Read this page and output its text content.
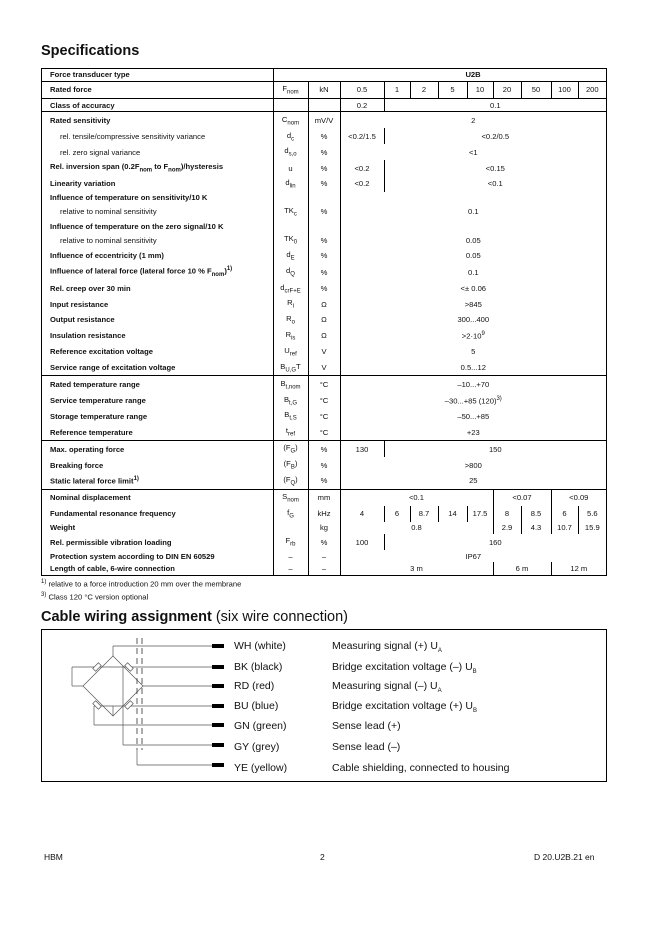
Specifications
Force transducer type			U2B								
Rated force	$F_{nom}$	kN	0.5	1	2	5	10	20	50	100	200
Class of accuracy			0.2	0.1							
Rated sensitivity	$C_{nom}$	mV/V	2								
rel. tensile/compressive sensitivity variance	$d_c$	%	<0.2/1.5	<0.2/0.5							
rel. zero signal variance	$d_{s,o}$	%	<1								
Rel. inversion span ($0.2F_{nom}$ to $F_{nom}$)/hysteresis	u	%	<0.2	<0.15							
Linearity variation	$d_{lin}$	%	<0.2	<0.1							
Influence of temperature on sensitivity/10 K											
relative to nominal sensitivity	$TK_c$	%	0.1								
Influence of temperature on the zero signal/10 K											
relative to nominal sensitivity	$TK_0$	%	0.05								
Influence of eccentricity (1 mm)	$d_E$	%	0.05								
Influence of lateral force (lateral force 10 % $F_{nom})^{1)}$	$d_Q$	%	0.1								
Rel. creep over 30 min	$d_{crF+E}$	%	<± 0.06								
Input resistance	$R_i$	Ω	>845								
Output resistance	$R_o$	Ω	300...400								
Insulation resistance	$R_{is}$	Ω	$>2\cdot 10^9$
Reference excitation voltage	$U_{ref}$	V	5								
Service range of excitation voltage	$B_{U,G}T$	V	0.5...12								
Rated temperature range	$B_{t,nom}$	°C	–10...+70								
Service temperature range	$B_{t,G}$	°C	–30...+85 $(120)^{3)}$
Storage temperature range	$B_{t,S}$	°C	–50...+85								
Reference temperature	$t_{ref}$	°C	+23								
Max. operating force	$(F_G)$	%	130	150							
Breaking force	$(F_B)$	%	>800								
Static lateral force limit$^{1)}$	$(F_Q)$	%	25								
Nominal displacement	$S_{nom}$	mm	<0.1					<0.07		<0.09	
Fundamental resonance frequency	$f_G$	kHz	4	6	8.7	14	17.5	8	8.5	6	5.6
Weight		kg	0.8					2.9	4.3	10.7	15.9
Rel. permissible vibration loading	$F_{rb}$	%	100	160							
Protection system according to DIN EN 60529	–	–	IP67								
Length of cable, 6-wire connection	–	–	3 m					6 m		12 m	
$^{1)}$ relative to a force introduction 20 mm over the membrane
$^{3)}$ Class 120 °C version optional
Cable wiring assignment (six wire connection)
WH (white)	Measuring signal (+) $U_A$
BK (black)	Bridge excitation voltage (–) $U_B$
RD (red)	Measuring signal (–) $U_A$
BU (blue)	Bridge excitation voltage (+) $U_B$
GN (green)	Sense lead (+)
GY (grey)	Sense lead (–)
YE (yellow)	Cable shielding, connected to housing
HBM	2	D 20.U2B.21 en
